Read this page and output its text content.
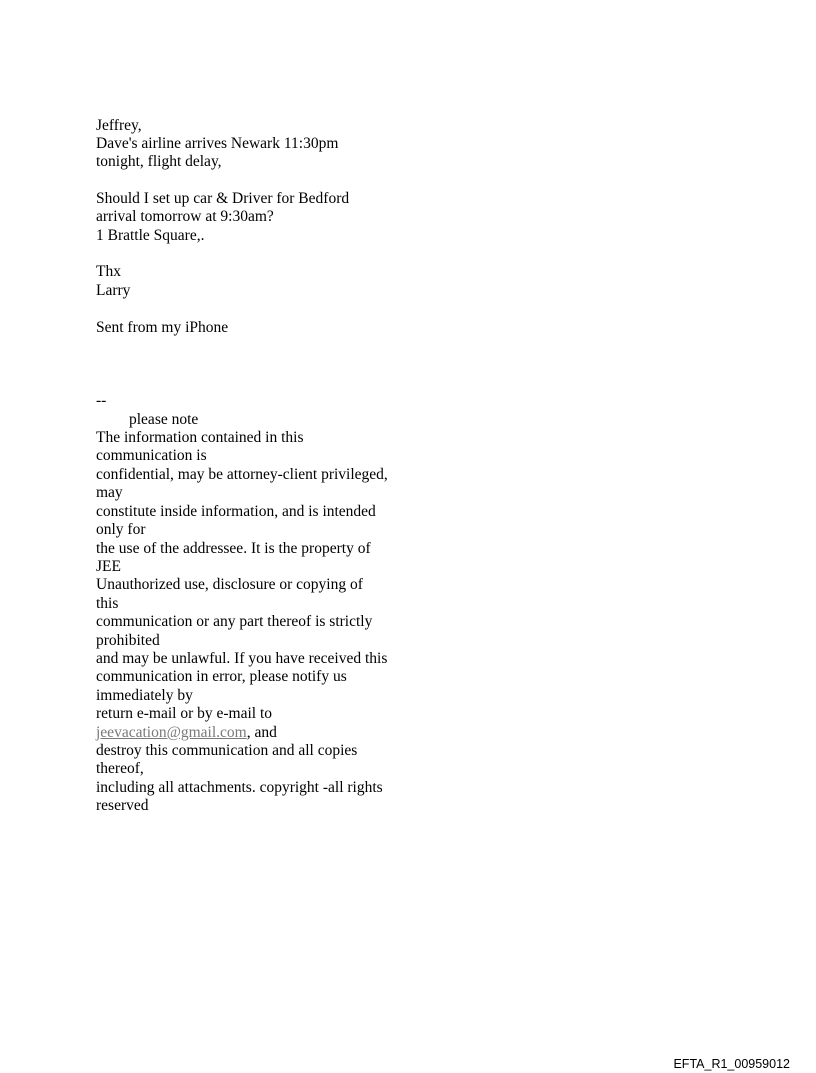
Jeffrey,
Dave's airline arrives Newark 11:30pm
tonight, flight delay,
Should I set up car & Driver for Bedford
arrival tomorrow at 9:30am?
1 Brattle Square,.
Thx
Larry
Sent from my iPhone
--
please note
The information contained in this
communication is
confidential, may be attorney-client privileged,
may
constitute inside information, and is intended
only for
the use of the addressee. It is the property of
JEE
Unauthorized use, disclosure or copying of
this
communication or any part thereof is strictly
prohibited
and may be unlawful. If you have received this
communication in error, please notify us
immediately by
return e-mail or by e-mail to
jeevacation@gmail.com, and
destroy this communication and all copies
thereof,
including all attachments. copyright -all rights
reserved
EFTA_R1_00959012
